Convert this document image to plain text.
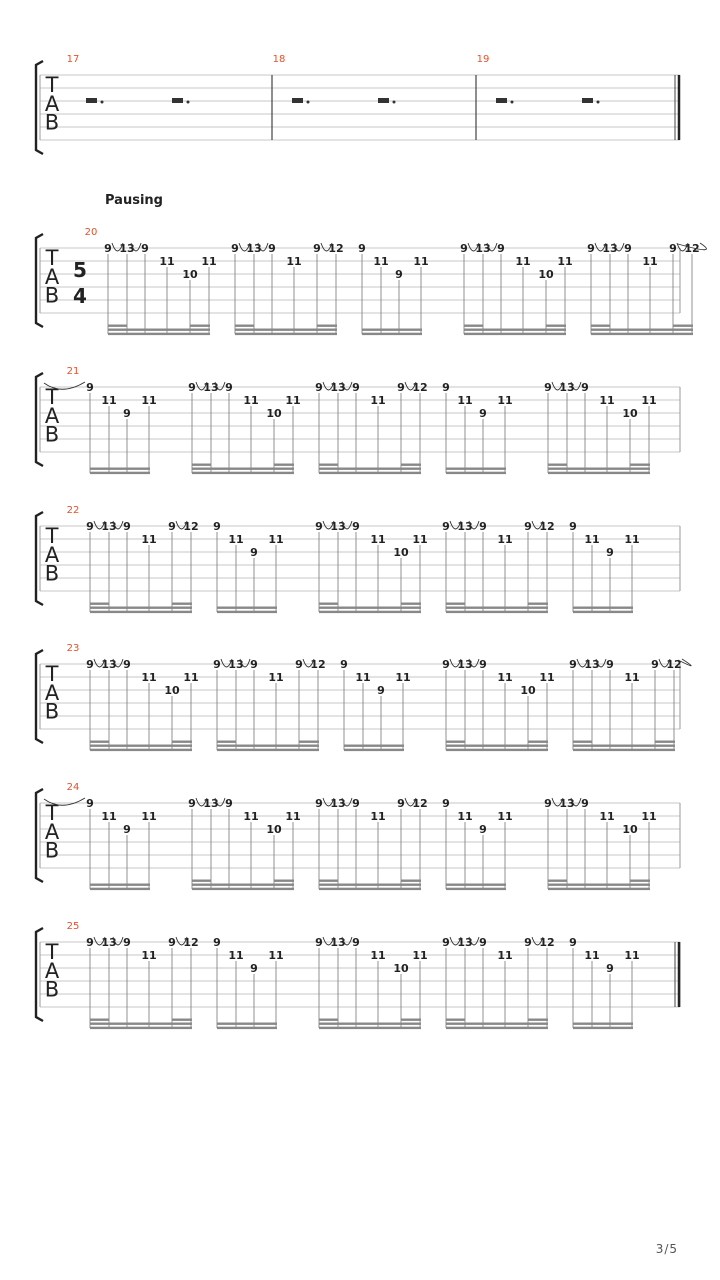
T
A
B
17	18	19
T
A
B
20
5
4
9 13 9
11
10
11
9 13 9
11
9 12 9
11
9
11
9 13 9
11
10
11
9 13 9
11
9 12
T
A
B
21
9
11
9
11
9 13 9
11
10
11
9 13 9
11
9 12 9
11
9
11
9 13 9
11
10
11
T
A
B
22
9 13 9
11
9 12 9
11
9
11
9 13 9
11
10
11
9 13 9
11
9 12 9
11
9
11
T
A
B
23
9 13 9
11
10
11
9 13 9
11
9 12 9
11
9
11
9 13 9
11
10
11
9 13 9
11
9 12
T
A
B
24
9
11
9
11
9 13 9
11
10
11
9 13 9
11
9 12 9
11
9
11
9 13 9
11
10
11
T
A
B
25
9 13 9
11
9 12 9
11
9
11
9 13 9
11
10
11
9 13 9
11
9 12 9
11
9
11
Pausing
3/5
